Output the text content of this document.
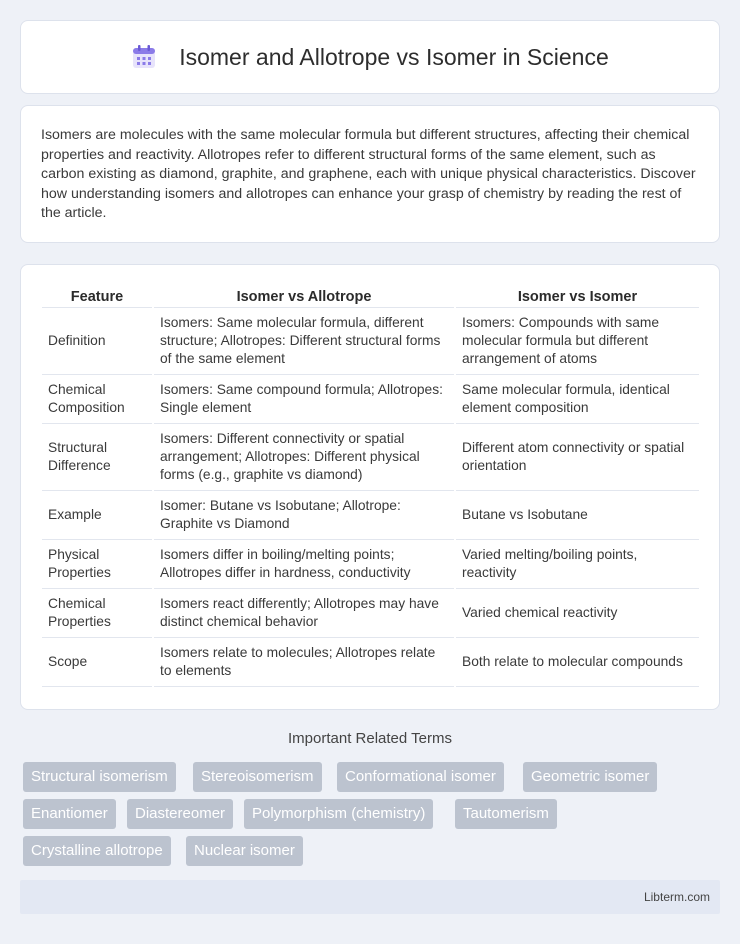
Isomer and Allotrope vs Isomer in Science

Isomers are molecules with the same molecular formula but different structures, affecting their chemical properties and reactivity. Allotropes refer to different structural forms of the same element, such as carbon existing as diamond, graphite, and graphene, each with unique physical characteristics. Discover how understanding isomers and allotropes can enhance your grasp of chemistry by reading the rest of the article.

Feature	Isomer vs Allotrope	Isomer vs Isomer
Definition	Isomers: Same molecular formula, different structure; Allotropes: Different structural forms of the same element	Isomers: Compounds with same molecular formula but different arrangement of atoms
Chemical Composition	Isomers: Same compound formula; Allotropes: Single element	Same molecular formula, identical element composition
Structural Difference	Isomers: Different connectivity or spatial arrangement; Allotropes: Different physical forms (e.g., graphite vs diamond)	Different atom connectivity or spatial orientation
Example	Isomer: Butane vs Isobutane; Allotrope: Graphite vs Diamond	Butane vs Isobutane
Physical Properties	Isomers differ in boiling/melting points; Allotropes differ in hardness, conductivity	Varied melting/boiling points, reactivity
Chemical Properties	Isomers react differently; Allotropes may have distinct chemical behavior	Varied chemical reactivity
Scope	Isomers relate to molecules; Allotropes relate to elements	Both relate to molecular compounds
Important Related Terms
Structural isomerism	Stereoisomerism	Conformational isomer	Geometric isomer
Enantiomer	Diastereomer	Polymorphism (chemistry)	Tautomerism
Crystalline allotrope	Nuclear isomer
Libterm.com
